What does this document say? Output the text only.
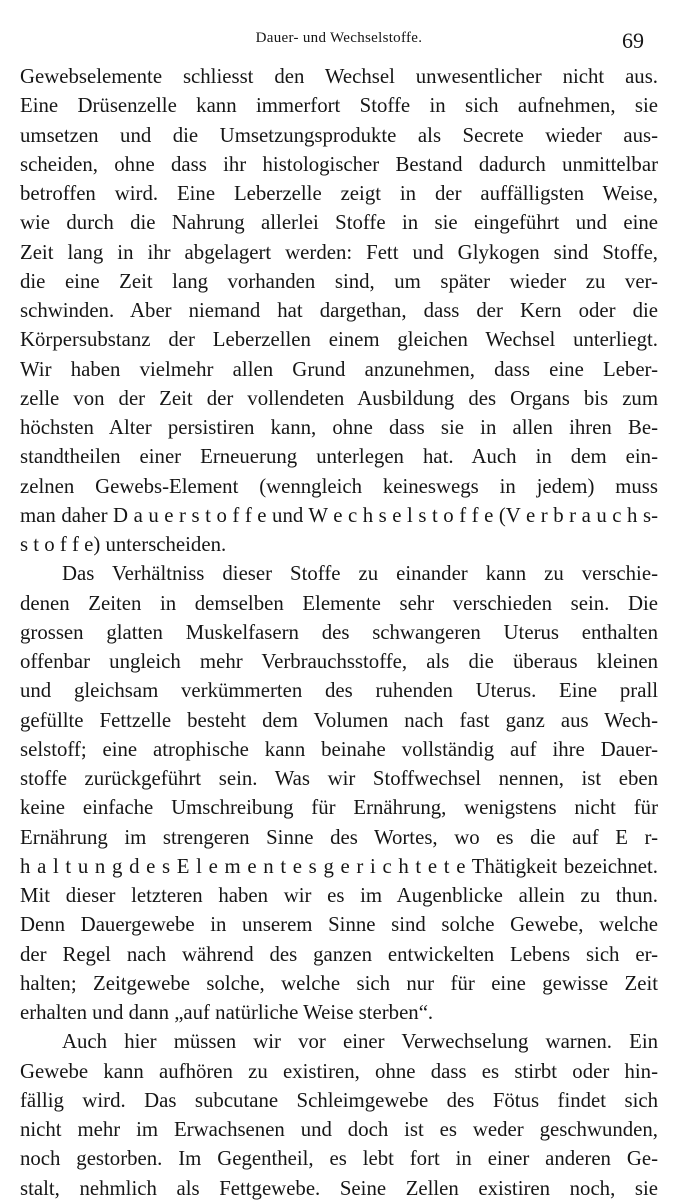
Dauer- und Wechselstoffe.	69
Gewebselemente schliesst den Wechsel unwesentlicher nicht aus.
Eine Drüsenzelle kann immerfort Stoffe in sich aufnehmen, sie
umsetzen und die Umsetzungsprodukte als Secrete wieder aus-
scheiden, ohne dass ihr histologischer Bestand dadurch unmittelbar
betroffen wird. Eine Leberzelle zeigt in der auffälligsten Weise,
wie durch die Nahrung allerlei Stoffe in sie eingeführt und eine
Zeit lang in ihr abgelagert werden: Fett und Glykogen sind Stoffe,
die eine Zeit lang vorhanden sind, um später wieder zu ver-
schwinden. Aber niemand hat dargethan, dass der Kern oder die
Körpersubstanz der Leberzellen einem gleichen Wechsel unterliegt.
Wir haben vielmehr allen Grund anzunehmen, dass eine Leber-
zelle von der Zeit der vollendeten Ausbildung des Organs bis zum
höchsten Alter persistiren kann, ohne dass sie in allen ihren Be-
standtheilen einer Erneuerung unterlegen hat. Auch in dem ein-
zelnen Gewebs-Element (wenngleich keineswegs in jedem) muss
man daher D a u e r s t o f f e und W e c h s e l s t o f f e (V e r b r a u c h s-
s t o f f e) unterscheiden.
Das Verhältniss dieser Stoffe zu einander kann zu verschie-
denen Zeiten in demselben Elemente sehr verschieden sein. Die
grossen glatten Muskelfasern des schwangeren Uterus enthalten
offenbar ungleich mehr Verbrauchsstoffe, als die überaus kleinen
und gleichsam verkümmerten des ruhenden Uterus. Eine prall
gefüllte Fettzelle besteht dem Volumen nach fast ganz aus Wech-
selstoff; eine atrophische kann beinahe vollständig auf ihre Dauer-
stoffe zurückgeführt sein. Was wir Stoffwechsel nennen, ist eben
keine einfache Umschreibung für Ernährung, wenigstens nicht für
Ernährung im strengeren Sinne des Wortes, wo es die auf E r-
h a l t u n g d e s E l e m e n t e s g e r i c h t e t e Thätigkeit bezeichnet.
Mit dieser letzteren haben wir es im Augenblicke allein zu thun.
Denn Dauergewebe in unserem Sinne sind solche Gewebe, welche
der Regel nach während des ganzen entwickelten Lebens sich er-
halten; Zeitgewebe solche, welche sich nur für eine gewisse Zeit
erhalten und dann „auf natürliche Weise sterben“.
Auch hier müssen wir vor einer Verwechselung warnen. Ein
Gewebe kann aufhören zu existiren, ohne dass es stirbt oder hin-
fällig wird. Das subcutane Schleimgewebe des Fötus findet sich
nicht mehr im Erwachsenen und doch ist es weder geschwunden,
noch gestorben. Im Gegentheil, es lebt fort in einer anderen Ge-
stalt, nehmlich als Fettgewebe. Seine Zellen existiren noch, sie
